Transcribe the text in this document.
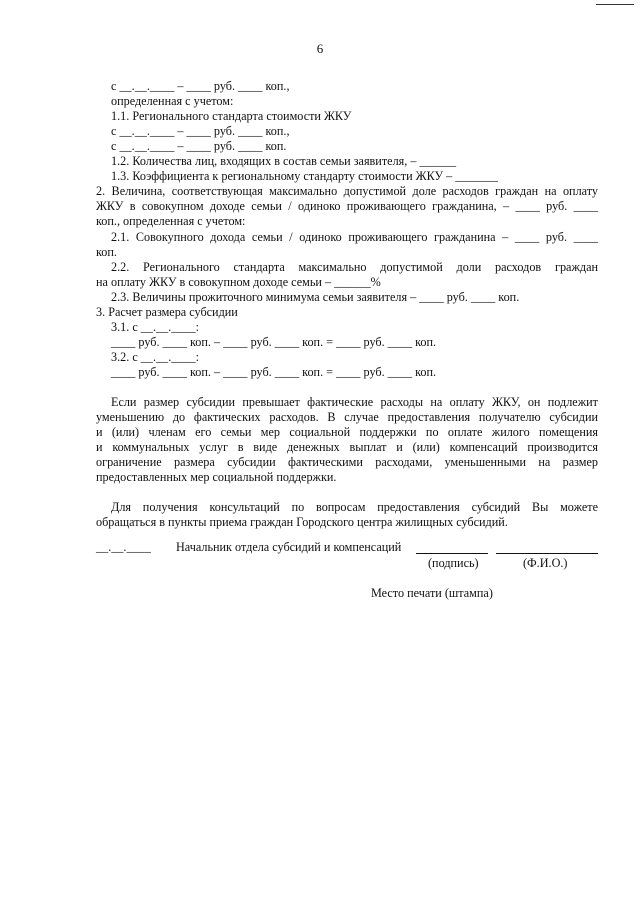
6
с __.__.____ – ____ руб. ____ коп.,
определенная с учетом:
1.1. Регионального стандарта стоимости ЖКУ
с __.__.____ – ____ руб. ____ коп.,
с __.__.____ – ____ руб. ____ коп.
1.2. Количества лиц, входящих в состав семьи заявителя, – ______
1.3. Коэффициента к региональному стандарту стоимости ЖКУ – _______
2. Величина, соответствующая максимально допустимой доле расходов граждан на оплату
ЖКУ в совокупном доходе семьи / одиноко проживающего гражданина, – ____ руб. ____
коп., определенная с учетом:
2.1. Совокупного дохода семьи / одиноко проживающего гражданина – ____ руб. ____
коп.
2.2. Регионального стандарта максимально допустимой доли расходов граждан
на оплату ЖКУ в совокупном доходе семьи – ______%
2.3. Величины прожиточного минимума семьи заявителя – ____ руб. ____ коп.
3. Расчет размера субсидии
3.1. с __.__.____:
____ руб. ____ коп. – ____ руб. ____ коп. = ____ руб. ____ коп.
3.2. с __.__.____:
____ руб. ____ коп. – ____ руб. ____ коп. = ____ руб. ____ коп.
Если размер субсидии превышает фактические расходы на оплату ЖКУ, он подлежит
уменьшению до фактических расходов. В случае предоставления получателю субсидии
и (или) членам его семьи мер социальной поддержки по оплате жилого помещения
и коммунальных услуг в виде денежных выплат и (или) компенсаций производится
ограничение размера субсидии фактическими расходами, уменьшенными на размер
предоставленных мер социальной поддержки.
Для получения консультаций по вопросам предоставления субсидий Вы можете
обращаться в пункты приема граждан Городского центра жилищных субсидий.
__.__.____ Начальник отдела субсидий и компенсаций
(подпись)	(Ф.И.О.)
Место печати (штампа)
